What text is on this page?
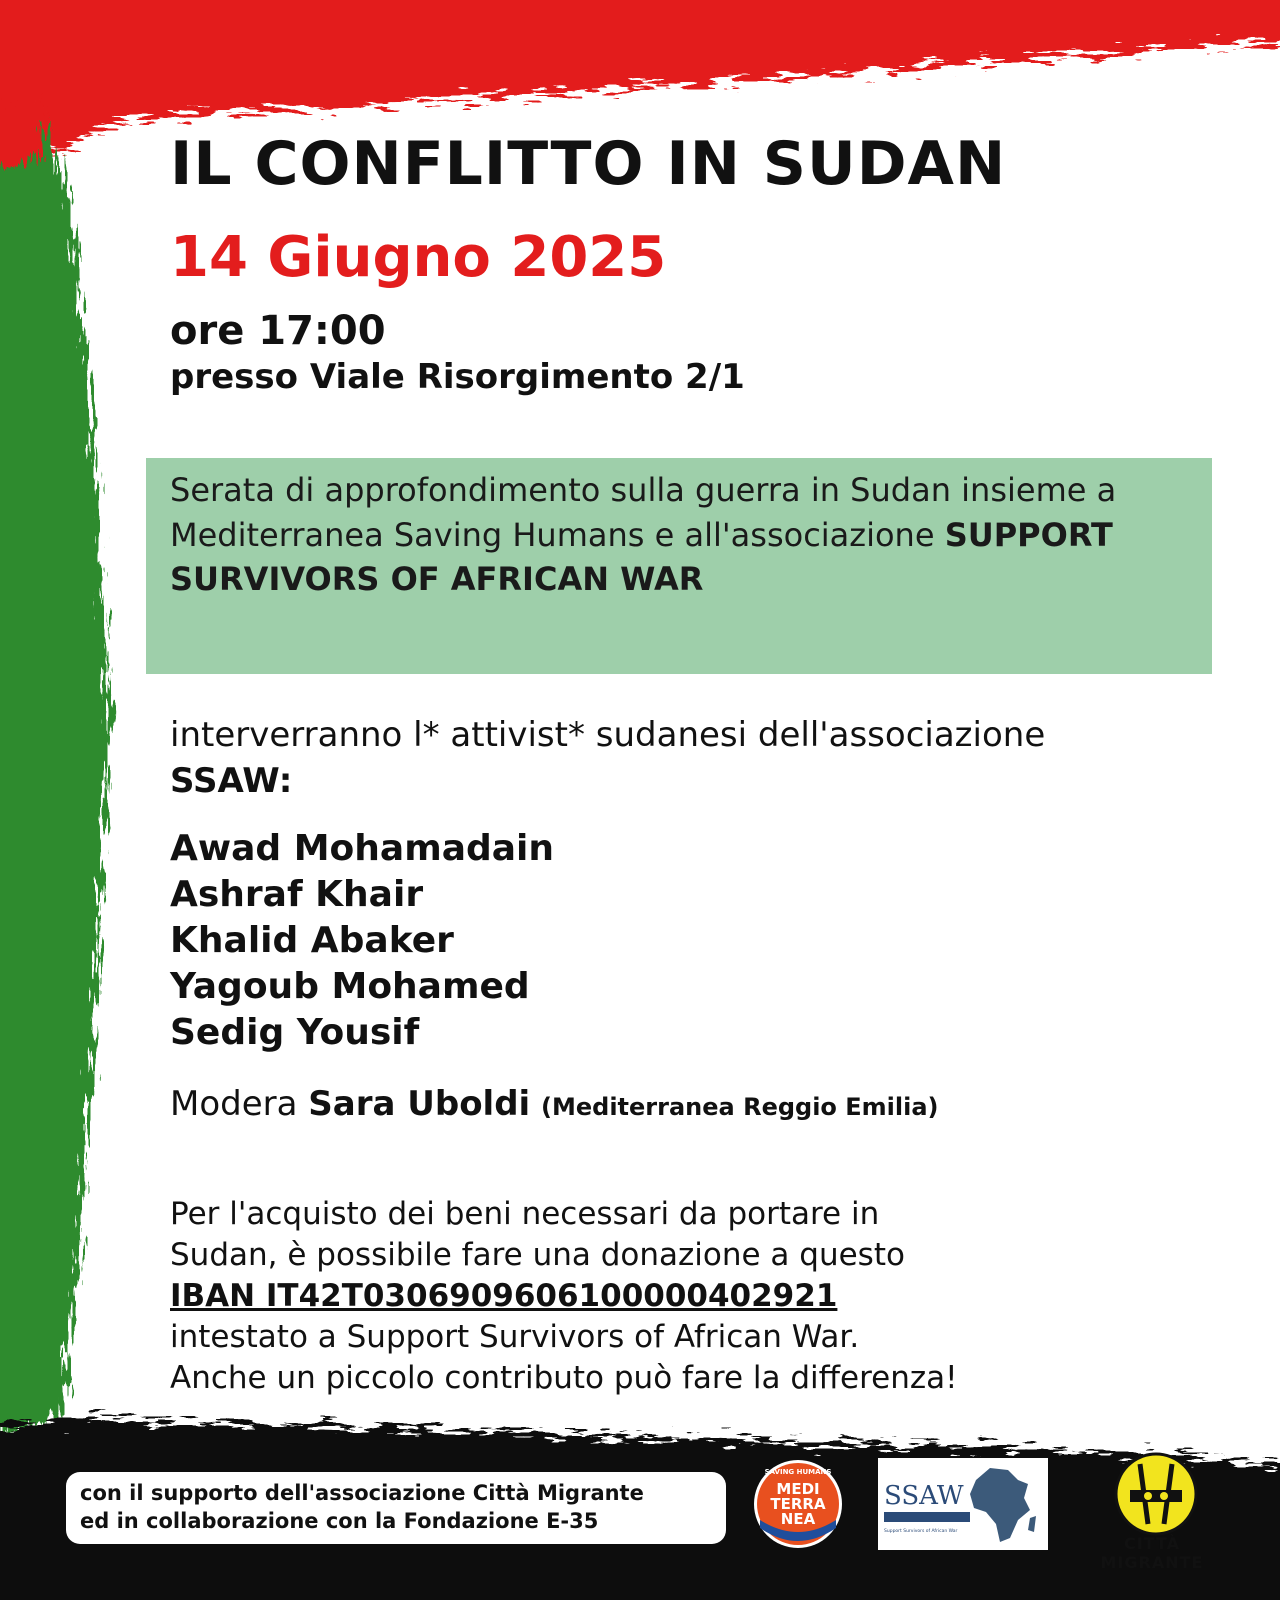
IL CONFLITTO IN SUDAN
14 Giugno 2025

ore 17:00

presso Viale Risorgimento 2/1

Serata di approfondimento sulla guerra in Sudan insieme a Mediterranea Saving Humans e all'associazione SUPPORT SURVIVORS OF AFRICAN WAR

interverranno l* attivist* sudanesi dell'associazione SSAW:

Awad Mohamadain
Ashraf Khair
Khalid Abaker
Yagoub Mohamed
Sedig Yousif

Modera Sara Uboldi (Mediterranea Reggio Emilia)

Per l'acquisto dei beni necessari da portare in
Sudan, è possibile fare una donazione a questo
IBAN IT42T0306909606100000402921
intestato a Support Survivors of African War.
Anche un piccolo contributo può fare la differenza!
con il supporto dell'associazione Città Migrante
ed in collaborazione con la Fondazione E-35
SAVING HUMANS
MEDI
TERRA
NEA
SSAW
Support Survivors of African War
CITTÀ MIGRANTE
